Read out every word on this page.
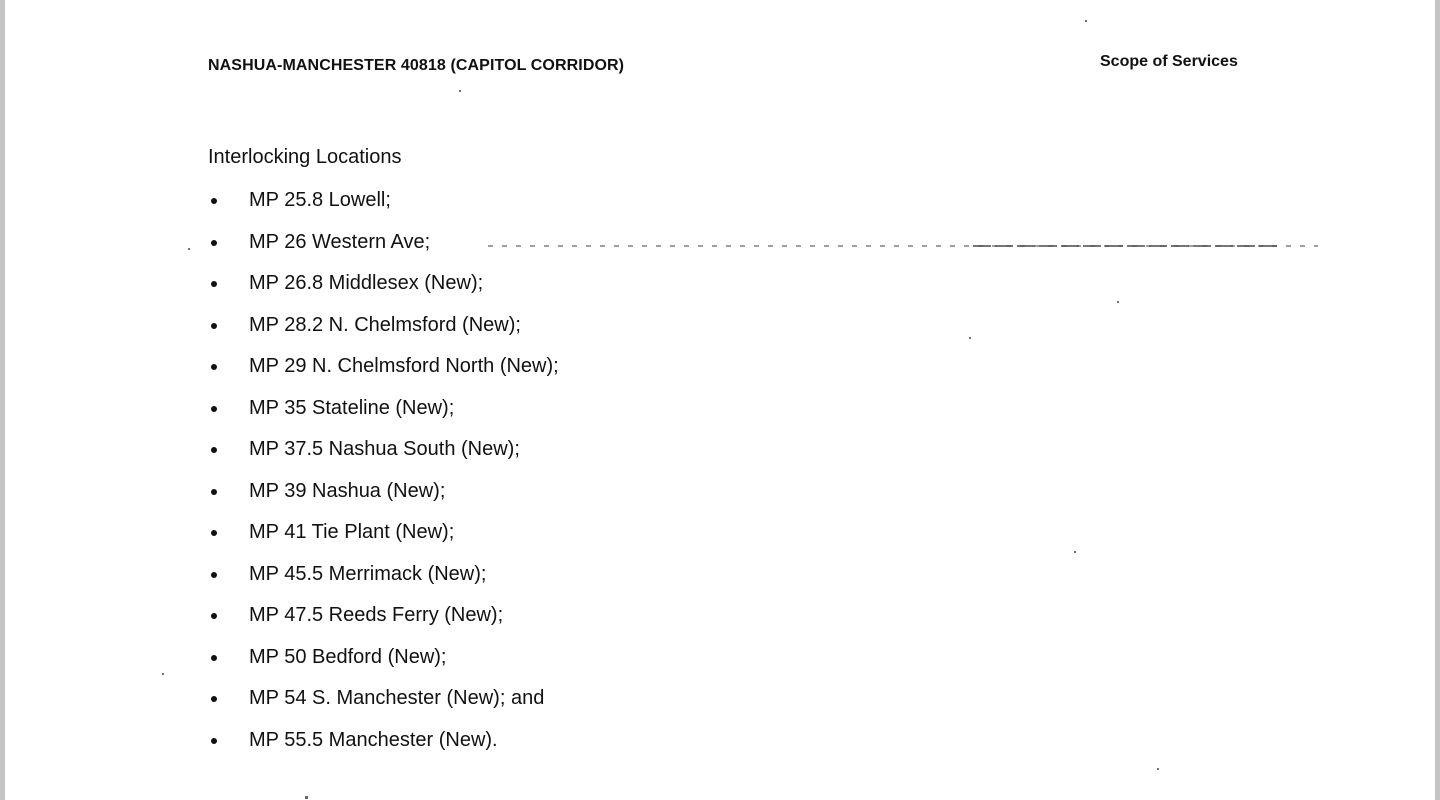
NASHUA-MANCHESTER 40818 (CAPITOL CORRIDOR)	Scope of Services
Interlocking Locations
MP 25.8 Lowell;
MP 26 Western Ave;
MP 26.8 Middlesex (New);
MP 28.2 N. Chelmsford (New);
MP 29 N. Chelmsford North (New);
MP 35 Stateline (New);
MP 37.5 Nashua South (New);
MP 39 Nashua (New);
MP 41 Tie Plant (New);
MP 45.5 Merrimack (New);
MP 47.5 Reeds Ferry (New);
MP 50 Bedford (New);
MP 54 S. Manchester (New); and
MP 55.5 Manchester (New).
